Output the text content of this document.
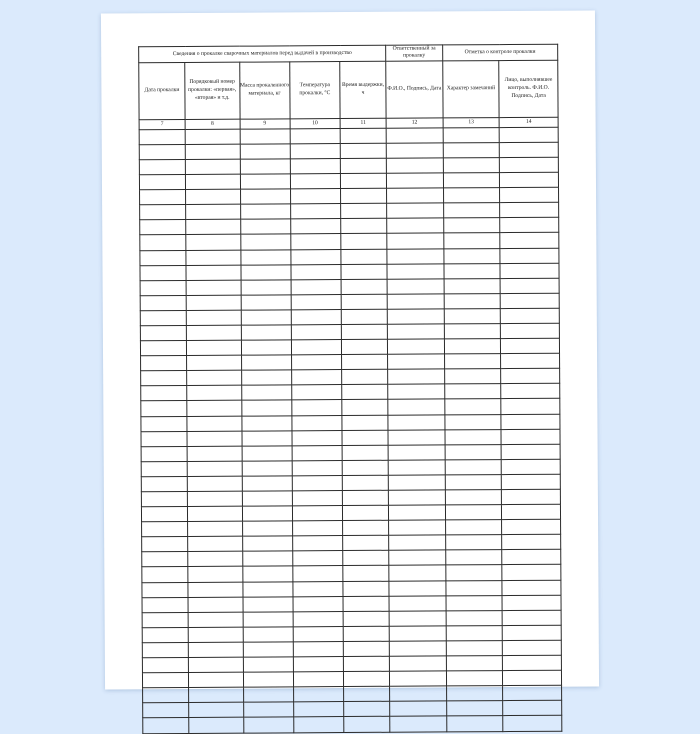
Сведения о прокалке сварочных материалов перед выдачей в производство					Ответственный за прокалку	Отметка о контроле прокалки	
Дата прокалки	Порядковый номер прокалки: «первая», «вторая» и т.д.	Масса прокаленного материала, кг	Температура прокалки, °C	Время выдержки, ч	Ф.И.О., Подпись, Дата	Характер замечаний	Лицо, выполнявшее контроль. Ф.И.О. Подпись, Дата
7	8	9	10	11	12	13	14
